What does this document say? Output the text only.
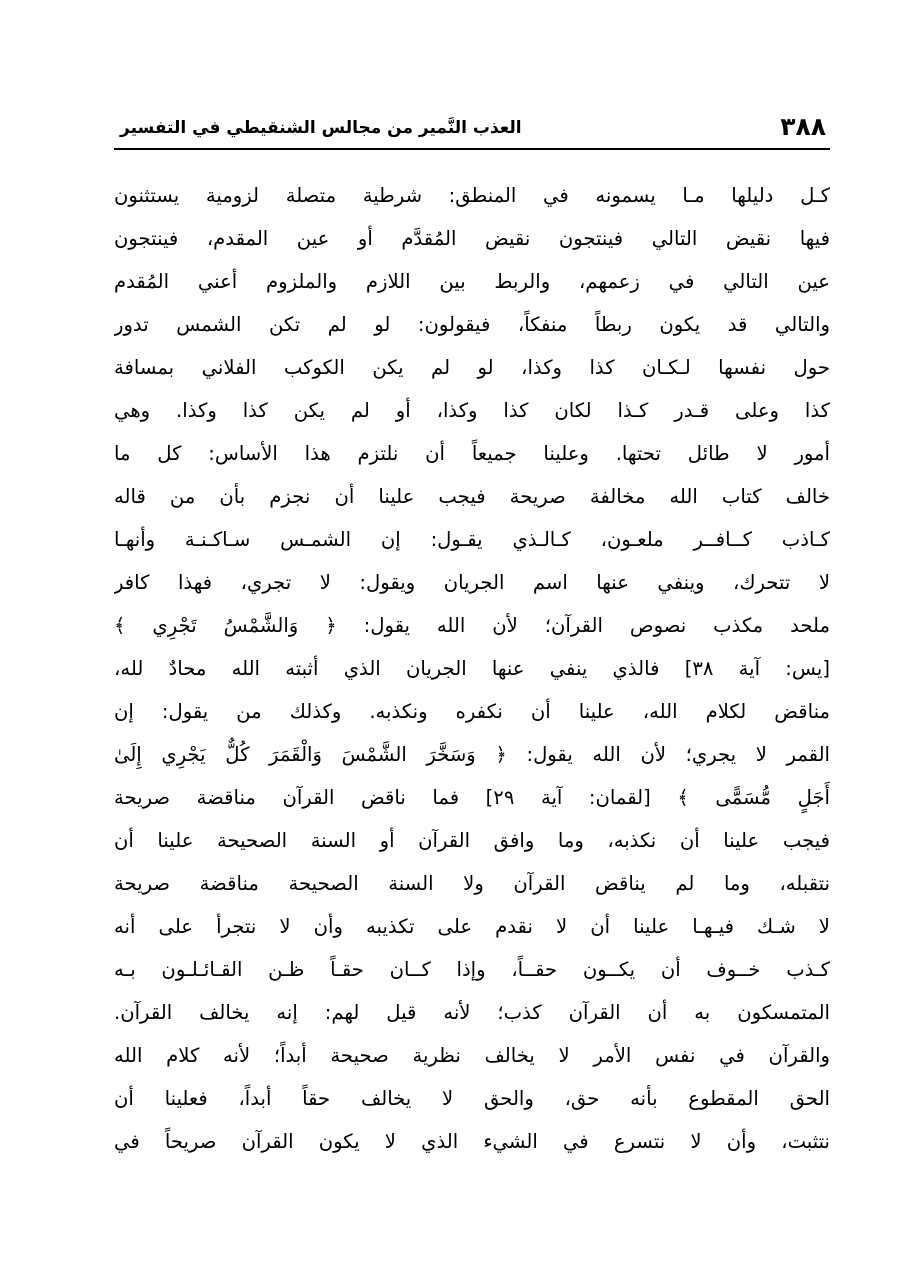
٣٨٨
العذب النَّمير من مجالس الشنقيطي في التفسير
كـل دليلها مـا يسمونه في المنطق: شرطية متصلة لزومية يستثنون
فيها نقيض التالي فينتجون نقيض المُقدَّم أو عين المقدم، فينتجون
عين التالي في زعمهم، والربط بين اللازم والملزوم أعني المُقدم
والتالي قد يكون ربطاً منفكاً، فيقولون: لو لم تكن الشمس تدور
حول نفسها لـكـان كذا وكذا، لو لم يكن الكوكب الفلاني بمسافة
كذا وعلى قـدر كـذا لكان كذا وكذا، أو لم يكن كذا وكذا. وهي
أمور لا طائل تحتها. وعلينا جميعاً أن نلتزم هذا الأساس: كل ما
خالف كتاب الله مخالفة صريحة فيجب علينا أن نجزم بأن من قاله
كـاذب كــافــر ملعـون، كـالـذي يقـول: إن الشمـس سـاكـنـة وأنهـا
لا تتحرك، وينفي عنها اسم الجريان ويقول: لا تجري، فهذا كافر
ملحد مكذب نصوص القرآن؛ لأن الله يقول: ﴿ وَالشَّمْسُ تَجْرِي ﴾
[يس: آية ٣٨] فالذي ينفي عنها الجريان الذي أثبته الله محادٌ لله،
مناقض لكلام الله، علينا أن نكفره ونكذبه. وكذلك من يقول: إن
القمر لا يجري؛ لأن الله يقول: ﴿ وَسَخَّرَ الشَّمْسَ وَالْقَمَرَ كُلٌّ يَجْرِي إِلَىٰ
أَجَلٍ مُّسَمًّى ﴾ [لقمان: آية ٢٩] فما ناقض القرآن مناقضة صريحة
فيجب علينا أن نكذبه، وما وافق القرآن أو السنة الصحيحة علينا أن
نتقبله، وما لم يناقض القرآن ولا السنة الصحيحة مناقضة صريحة
لا شـك فيـهـا علينا أن لا نقدم على تكذيبه وأن لا نتجرأ على أنه
كـذب خــوف أن يكــون حقــاً، وإذا كــان حقـاً ظـن القـائـلـون بـه
المتمسكون به أن القرآن كذب؛ لأنه قيل لهم: إنه يخالف القرآن.
والقرآن في نفس الأمر لا يخالف نظرية صحيحة أبداً؛ لأنه كلام الله
الحق المقطوع بأنه حق، والحق لا يخالف حقاً أبداً، فعلينا أن
نتثبت، وأن لا نتسرع في الشيء الذي لا يكون القرآن صريحاً في
